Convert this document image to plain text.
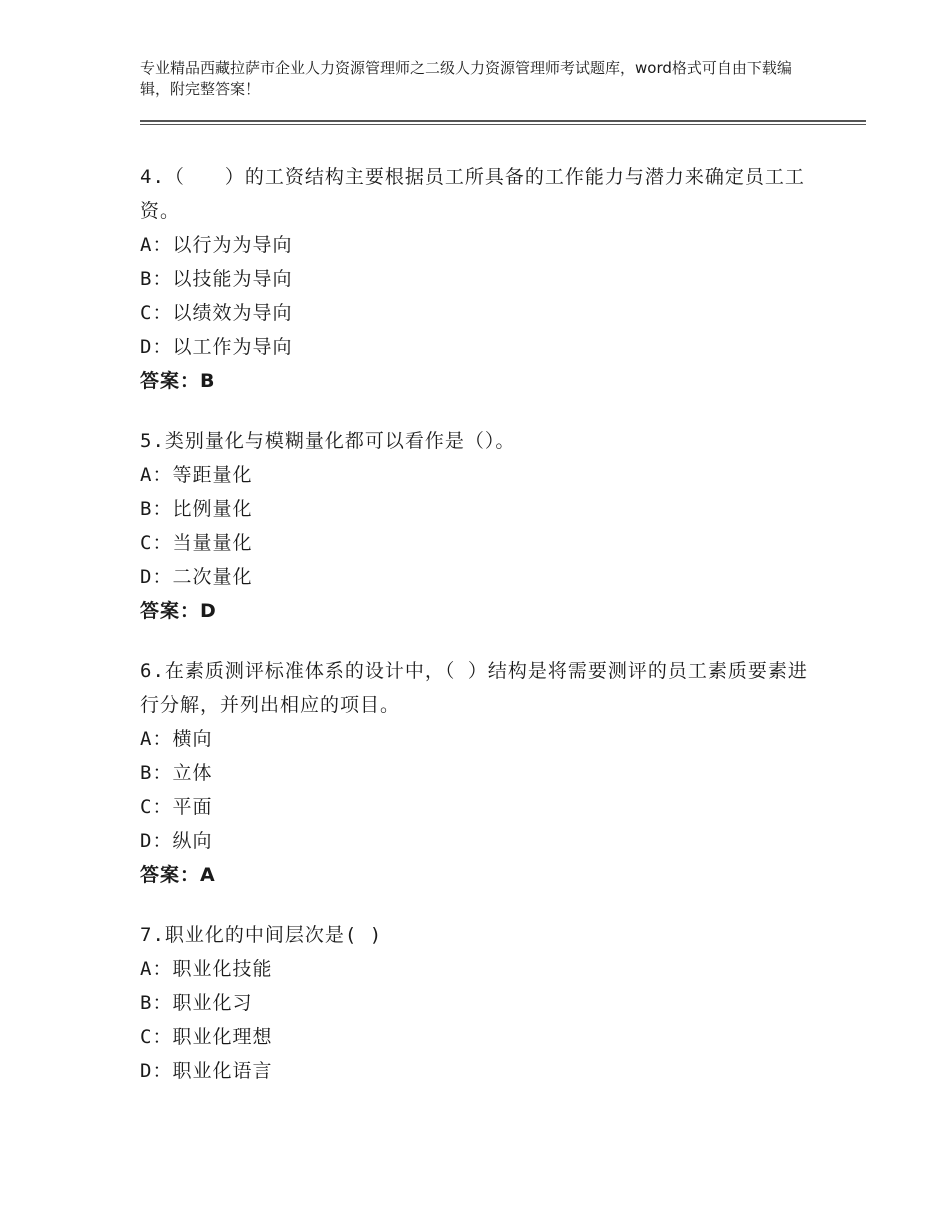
专业精品西藏拉萨市企业人力资源管理师之二级人力资源管理师考试题库，word格式可自由下载编辑，附完整答案！
4.（　　）的工资结构主要根据员工所具备的工作能力与潜力来确定员工工资。
A：以行为为导向
B：以技能为导向
C：以绩效为导向
D：以工作为导向
答案：B
5.类别量化与模糊量化都可以看作是（）。
A：等距量化
B：比例量化
C：当量量化
D：二次量化
答案：D
6.在素质测评标准体系的设计中，（ ）结构是将需要测评的员工素质要素进行分解，并列出相应的项目。
A：横向
B：立体
C：平面
D：纵向
答案：A
7.职业化的中间层次是( )
A：职业化技能
B：职业化习
C：职业化理想
D：职业化语言
